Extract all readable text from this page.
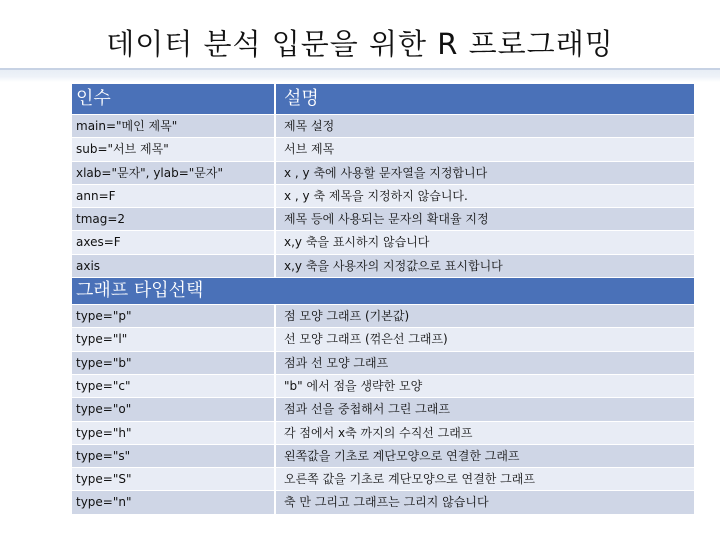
데이터 분석 입문을 위한 R 프로그래밍
인수	설명
main="메인 제목"	제목 설정
sub="서브 제목"	서브 제목
xlab="문자", ylab="문자"	x , y 축에 사용할 문자열을 지정합니다
ann=F	x , y 축 제목을 지정하지 않습니다.
tmag=2	제목 등에 사용되는 문자의 확대율 지정
axes=F	x,y 축을 표시하지 않습니다
axis	x,y 축을 사용자의 지정값으로 표시합니다
그래프 타입선택
type="p"	점 모양 그래프 (기본값)
type="l"	선 모양 그래프 (꺾은선 그래프)
type="b"	점과 선 모양 그래프
type="c"	"b" 에서 점을 생략한 모양
type="o"	점과 선을 중첩해서 그린 그래프
type="h"	각 점에서 x축 까지의 수직선 그래프
type="s"	왼쪽값을 기초로 계단모양으로 연결한 그래프
type="S"	오른쪽 값을 기초로 계단모양으로 연결한 그래프
type="n"	축 만 그리고 그래프는 그리지 않습니다
